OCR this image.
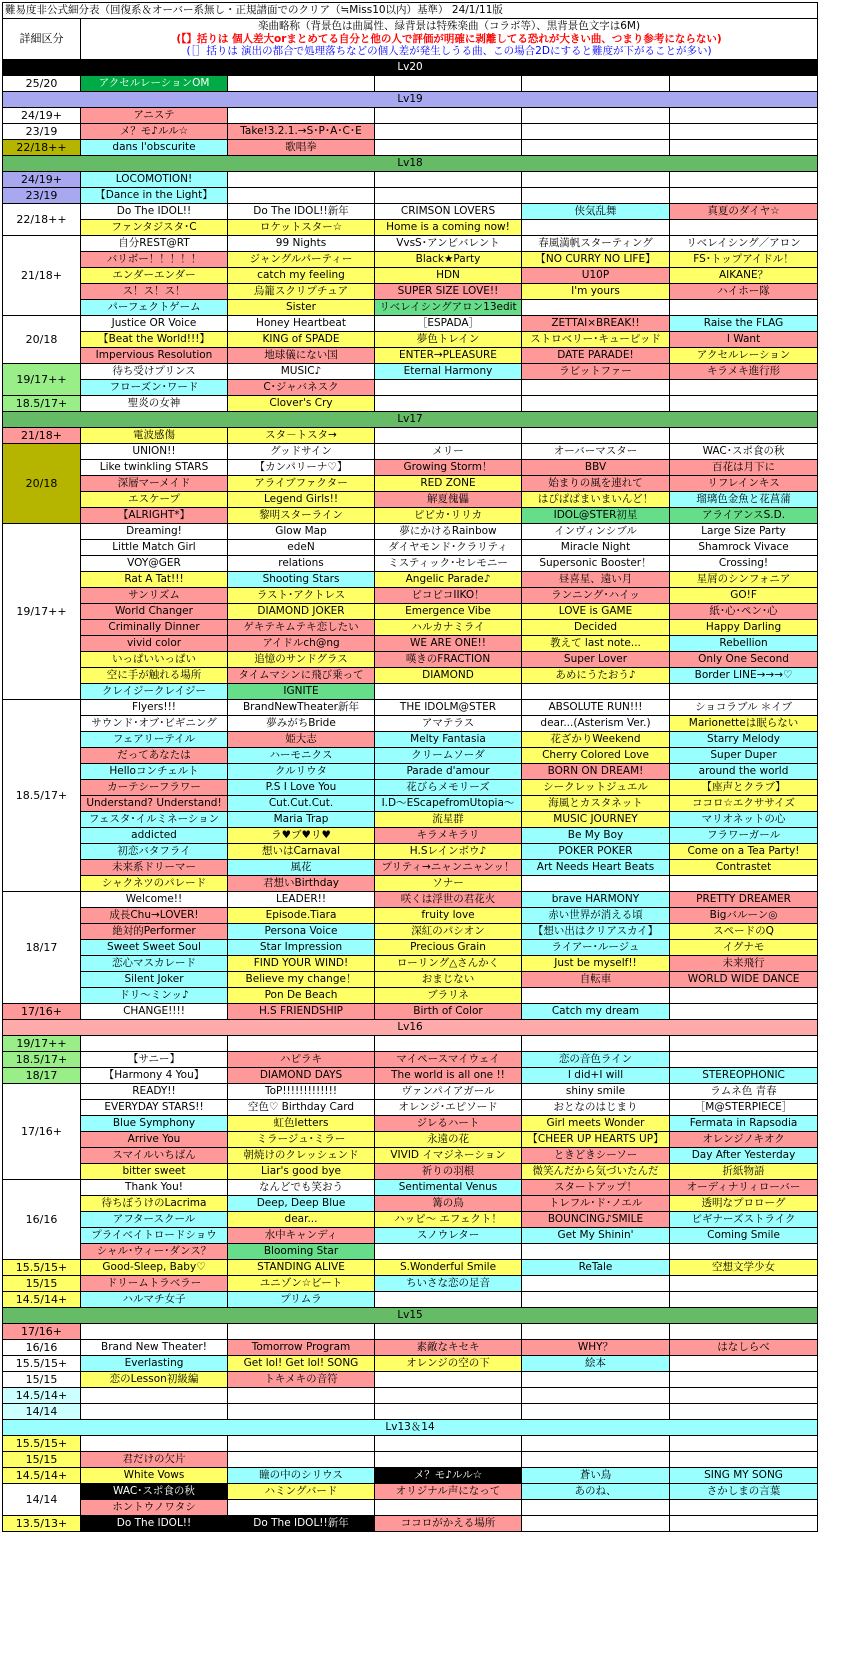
難易度非公式細分表（回復系＆オーバー系無し・正規譜面でのクリア（≒Miss10以内）基準） 24/1/11版					
詳細区分	楽曲略称（背景色は曲属性、緑背景は特殊楽曲（コラボ等）、黒背景色文字は6M)
(【】括りは 個人差大orまとめてる自分と他の人で評価が明確に剥離してる恐れが大きい曲、つまり参考にならない)
(［］括りは 演出の都合で処理落ちなどの個人差が発生しうる曲、この場合2Dにすると難度が下がることが多い)				

Lv20					
25/20	アクセルレーションOM				
Lv19					
24/19+	アニステ				
23/19	メ？モ♪ルル☆	Take!3.2.1.→S･P･A･C･E			
22/18++	dans l'obscurite	歌唱拳			
Lv18					
24/19+	LOCOMOTION!				
23/19	【Dance in the Light】				
22/18++	Do The IDOL!!	Do The IDOL!!新年	CRIMSON LOVERS	侠気乱舞	真夏のダイヤ☆
	ファンタジスタ･C	ロケットスター☆	Home is a coming now!		
21/18+	自分REST@RT	99 Nights	VvsS･アンビバレント	春風満帆スターティング	リベレイシング／アロン
	バリボー！！！！！	ジャングルパーティー	Black★Party	【NO CURRY NO LIFE】	FS･トップアイドル！
	エンダーエンダー	catch my feeling	HDN	U10P	AIKANE？
	ス！ス！ス！	烏籠スクリプチュア	SUPER SIZE LOVE!!	I'm yours	ハイホー隊
	パーフェクトゲーム	Sister	リベレイシングアロン13edit		
20/18	Justice OR Voice	Honey Heartbeat	［ESPADA］	ZETTAI×BREAK!!	Raise the FLAG
	【Beat the World!!!】	KING of SPADE	夢色トレイン	ストロベリー･キューピッド	I Want
	Impervious Resolution	地球儀にない国	ENTER→PLEASURE	DATE PARADE!	アクセルレーション
19/17++	待ち受けプリンス	MUSIC♪	Eternal Harmony	ラビットファー	キラメキ進行形
	フローズン･ワード	C･ジャバネスク			
18.5/17+	聖炎の女神	Clover's Cry			
Lv17					
21/18+	電波感傷	スタ－トスタ→			
20/18	UNION!!	グッドサイン	メリー	オーバーマスター	WAC･スポ食の秋
	Like twinkling STARS	【カンパリーナ♡】	Growing Storm！	BBV	百花は月下に
	深層マーメイド	アライブファクター	RED ZONE	始まりの風を連れて	リフレインキス
	エスケープ	Legend Girls!!	解夏傀儡	はぴぱぱまいまいんど！	瑠璃色金魚と花菖蒲
	【ALRIGHT*】	黎明スターライン	ピピカ･リリカ	IDOL@STER初星	アライアンスS.D.
19/17++	Dreaming!	Glow Map	夢にかけるRainbow	インヴィンシブル	Large Size Party
	Little Match Girl	edeN	ダイヤモンド･クラリティ	Miracle Night	Shamrock Vivace
	VOY@GER	relations	ミスティック･セレモニー	Supersonic Booster！	Crossing!
	Rat A Tat!!!	Shooting Stars	Angelic Parade♪	昼喜星、遠い月	星屑のシンフォニア
	サンリズム	ラスト･アクトレス	ピコピコIIKO！	ランニング･ハイッ	GO!F
	World Changer	DIAMOND JOKER	Emergence Vibe	LOVE is GAME	紙･心･ペン･心
	Criminally Dinner	ゲキテキムテキ恋したい	ハルカナミライ	Decided	Happy Darling
	vivid color	アイドルch@ng	WE ARE ONE!!	教えて last note...	Rebellion
	いっぱいいっぱい	追憶のサンドグラス	嘆きのFRACTION	Super Lover	Only One Second
	空に手が触れる場所	タイムマシンに飛び乗って	DIAMOND	あめにうたおう♪	Border LINE→→→♡
	クレイジークレイジー	IGNITE			
18.5/17+	Flyers!!!	BrandNewTheater新年	THE IDOLM@STER	ABSOLUTE RUN!!!	ショコラブル ＊イブ
	サウンド･オブ･ビギニング	夢みがちBride	アマテラス	dear...(Asterism Ver.)	Marionetteは眠らない
	フェアリーテイル	姫大志	Melty Fantasia	花ざかりWeekend	Starry Melody
	だってあなたは	ハーモニクス	クリームソーダ	Cherry Colored Love	Super Duper
	Helloコンチェルト	クルリウタ	Parade d'amour	BORN ON DREAM!	around the world
	カーテシーフラワー	P.S I Love You	花びらメモリーズ	シークレットジュエル	【座声とクラブ】
	Understand? Understand!	Cut.Cut.Cut.	I.D～EScapefromUtopia～	海風とカスタネット	ココロ☆エクササイズ
	フェスタ･イルミネーション	Maria Trap	流星群	MUSIC JOURNEY	マリオネットの心
	addicted	ラ♥ブ♥リ♥	キラメキラリ	Be My Boy	フラワーガール
	初恋バタフライ	想いはCarnaval	H.Sレインボウ♪	POKER POKER	Come on a Tea Party!
	未来系ドリーマー	風花	プリティ→ニャンニャンッ！	Art Needs Heart Beats	Contrastet
	シャクネツのパレード	君想いBirthday	ソナー		
18/17	Welcome!!	LEADER!!	咲くは浮世の君花火	brave HARMONY	PRETTY DREAMER
	成長Chu→LOVER!	Episode.Tiara	fruity love	赤い世界が消える頃	Bigバルーン◎
	絶対的Performer	Persona Voice	深紅のパシオン	【想い出はクリアスカイ】	スペードのQ
	Sweet Sweet Soul	Star Impression	Precious Grain	ライアー･ルージュ	イグナモ
	恋心マスカレード	FIND YOUR WIND!	ローリング△さんかく	Just be myself!!	未来飛行
	Silent Joker	Believe my change！	おまじない	自転車	WORLD WIDE DANCE
	ドリ～ミンッ♪	Pon De Beach	ブラリネ		
17/16+	CHANGE!!!!	H.S FRIENDSHIP	Birth of Color	Catch my dream	
Lv16					
19/17++					
18.5/17+	【サニー】	ハピラキ	マイペースマイウェイ	恋の音色ライン	
18/17	【Harmony 4 You】	DIAMOND DAYS	The world is all one !!	I did+I will	STEREOPHONIC
17/16+	READY!!	ToP!!!!!!!!!!!!!	ヴァンパイアガール	shiny smile	ラムネ色 青春
	EVERYDAY STARS!!	空色♡ Birthday Card	オレンジ･エピソード	おとなのはじまり	［M@STERPIECE］
	Blue Symphony	虹色letters	ジレるハート	Girl meets Wonder	Fermata in Rapsodia
	Arrive You	ミラージュ･ミラー	永遠の花	【CHEER UP HEARTS UP】	オレンジノキオク
	スマイルいちばん	朝焼けのクレッシェンド	VIVID イマジネーション	ときどきシーソー	Day After Yesterday
	bitter sweet	Liar's good bye	祈りの羽根	微笑んだから気づいたんだ	折紙物語
16/16	Thank You!	なんどでも笑おう	Sentimental Venus	スタートアップ！	オーディナリィローバー
	待ちぼうけのLacrima	Deep, Deep Blue	篝の鳥	トレフル･ド･ノエル	透明なプロローグ
	アフタースクール	dear...	ハッピ～ エフェクト！	BOUNCING♪SMILE	ビギナーズストライク
	プライベイトロードショウ	水中キャンディ	スノウレター	Get My Shinin'	Coming Smile
	シャル･ウィー･ダンス？	Blooming Star			
15.5/15+	Good-Sleep, Baby♡	STANDING ALIVE	S.Wonderful Smile	ReTale	空想文学少女
15/15	ドリームトラベラー	ユニゾン☆ビート	ちいさな恋の足音		
14.5/14+	ハルマチ女子	プリムラ			
Lv15					
17/16+					
16/16	Brand New Theater!	Tomorrow Program	素敵なキセキ	WHY？	はなしらべ
15.5/15+	Everlasting	Get lol! Get lol! SONG	オレンジの空の下	絵本	
15/15	恋のLesson初級編	トキメキの音符			
14.5/14+					
14/14					
Lv13＆14					
15.5/15+					
15/15	君だけの欠片				
14.5/14+	White Vows	瞳の中のシリウス	メ？モ♪ルル☆	蒼い鳥	SING MY SONG
14/14	WAC･スポ食の秋	ハミングバード	オリジナル声になって	あのね、	さかしまの言葉
	ホントウノワタシ				
13.5/13+	Do The IDOL!!	Do The IDOL!!新年	ココロがかえる場所		
